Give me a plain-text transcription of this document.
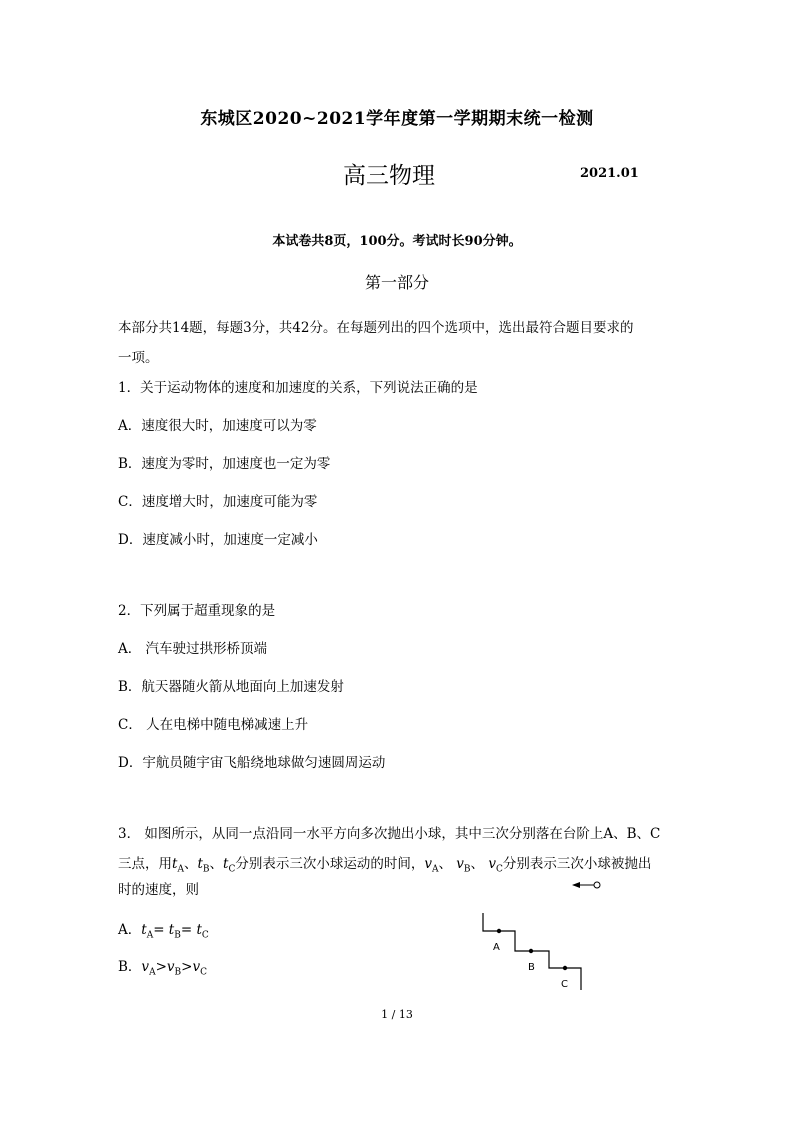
东城区2020~2021学年度第一学期期末统一检测
高三物理	2021.01
本试卷共8页，100分。考试时长90分钟。
第一部分
本部分共14题，每题3分，共42分。在每题列出的四个选项中，选出最符合题目要求的
一项。
1．关于运动物体的速度和加速度的关系，下列说法正确的是
A．速度很大时，加速度可以为零
B．速度为零时，加速度也一定为零
C．速度增大时，加速度可能为零
D．速度减小时，加速度一定减小
2．下列属于超重现象的是
A． 汽车驶过拱形桥顶端
B．航天器随火箭从地面向上加速发射
C． 人在电梯中随电梯减速上升
D．宇航员随宇宙飞船绕地球做匀速圆周运动
3． 如图所示，从同一点沿同一水平方向多次抛出小球，其中三次分别落在台阶上A、B、C
三点，用$t_A$、$t_B$、$t_C$分别表示三次小球运动的时间，$v_A$、 $v_B$、 $v_C$分别表示三次小球被抛出
时的速度，则
A．$t_A= t_B= t_C$
B．$v_A>v_B>v_C$
A
B
C
1 / 13
